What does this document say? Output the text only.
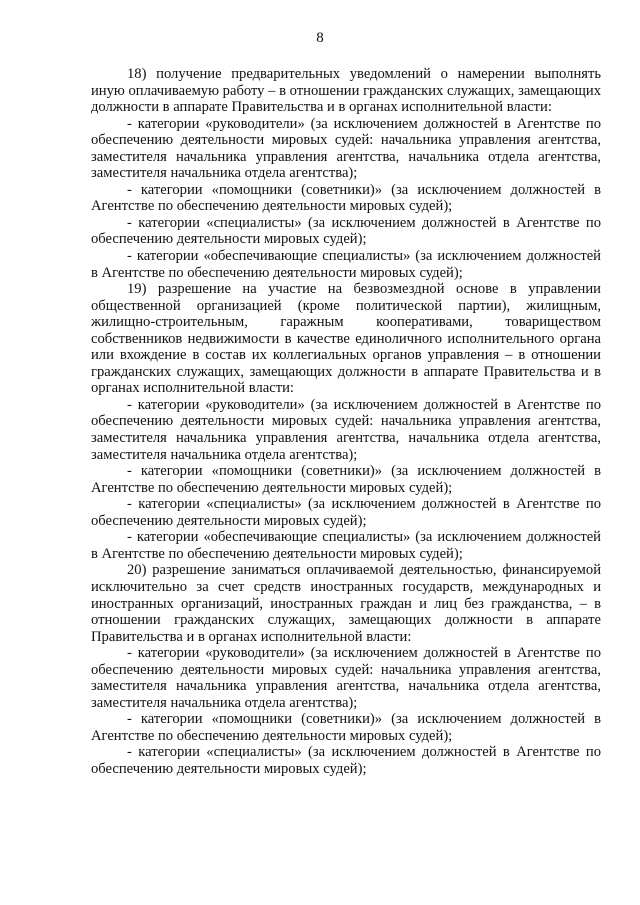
8

18) получение предварительных уведомлений о намерении выполнять иную оплачиваемую работу – в отношении гражданских служащих, замещающих должности в аппарате Правительства и в органах исполнительной власти:

- категории «руководители» (за исключением должностей в Агентстве по обеспечению деятельности мировых судей: начальника управления агентства, заместителя начальника управления агентства, начальника отдела агентства, заместителя начальника отдела агентства);

- категории «помощники (советники)» (за исключением должностей в Агентстве по обеспечению деятельности мировых судей);

- категории «специалисты» (за исключением должностей в Агентстве по обеспечению деятельности мировых судей);

- категории «обеспечивающие специалисты» (за исключением должностей в Агентстве по обеспечению деятельности мировых судей);

19) разрешение на участие на безвозмездной основе в управлении общественной организацией (кроме политической партии), жилищным, жилищно-строительным, гаражным кооперативами, товариществом собственников недвижимости в качестве единоличного исполнительного органа или вхождение в состав их коллегиальных органов управления – в отношении гражданских служащих, замещающих должности в аппарате Правительства и в органах исполнительной власти:

- категории «руководители» (за исключением должностей в Агентстве по обеспечению деятельности мировых судей: начальника управления агентства, заместителя начальника управления агентства, начальника отдела агентства, заместителя начальника отдела агентства);

- категории «помощники (советники)» (за исключением должностей в Агентстве по обеспечению деятельности мировых судей);

- категории «специалисты» (за исключением должностей в Агентстве по обеспечению деятельности мировых судей);

- категории «обеспечивающие специалисты» (за исключением должностей в Агентстве по обеспечению деятельности мировых судей);

20) разрешение заниматься оплачиваемой деятельностью, финансируемой исключительно за счет средств иностранных государств, международных и иностранных организаций, иностранных граждан и лиц без гражданства, – в отношении гражданских служащих, замещающих должности в аппарате Правительства и в органах исполнительной власти:

- категории «руководители» (за исключением должностей в Агентстве по обеспечению деятельности мировых судей: начальника управления агентства, заместителя начальника управления агентства, начальника отдела агентства, заместителя начальника отдела агентства);

- категории «помощники (советники)» (за исключением должностей в Агентстве по обеспечению деятельности мировых судей);

- категории «специалисты» (за исключением должностей в Агентстве по обеспечению деятельности мировых судей);
